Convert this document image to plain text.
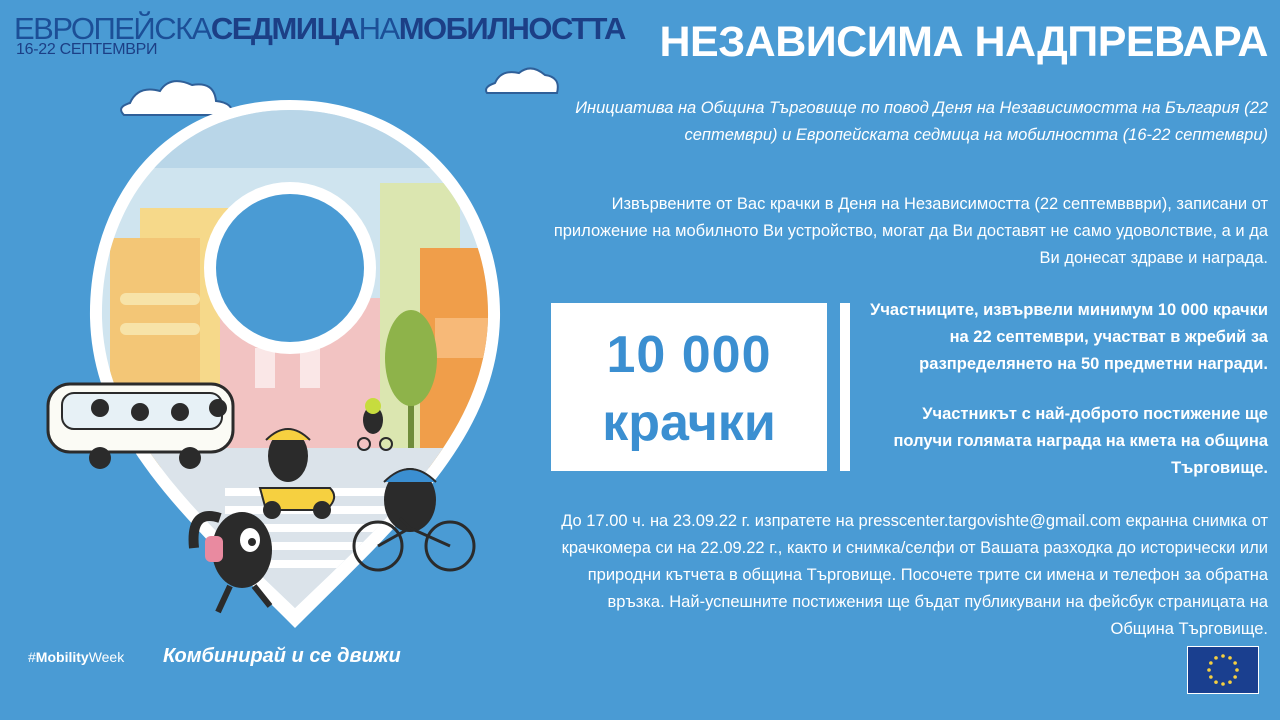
ЕВРОПЕЙСКАСЕДМИЦАНАМОБИЛНОСТТА
16-22 СЕПТЕМВРИ	НЕЗАВИСИМА НАДПРЕВАРА
Инициатива на Община Търговище по повод Деня на Независимостта на България (22 септември) и Европейската седмица на мобилността (16-22 септември)
Извървените от Вас крачки в Деня на Независимостта (22 септемввври), записани от приложение на мобилното Ви устройство, могат да Ви доставят не само удоволствие, а и да Ви донесат здраве и награда.
10 000
крачки
Участниците, извървели минимум 10 000 крачки на 22 септември, участват в жребий за разпределянето на 50 предметни награди.
Участникът с най-доброто постижение ще получи голямата награда на кмета на община Търговище.
До 17.00 ч. на 23.09.22 г. изпратете на presscenter.targovishte@gmail.com екранна снимка от крачкомера си на 22.09.22 г., както и снимка/селфи от Вашата разходка до исторически или природни кътчета в община Търговище. Посочете трите си имена и телефон за обратна връзка. Най-успешните постижения ще бъдат публикувани на фейсбук страницата на Община Търговище.
#MobilityWeek Комбинирай и се движи
